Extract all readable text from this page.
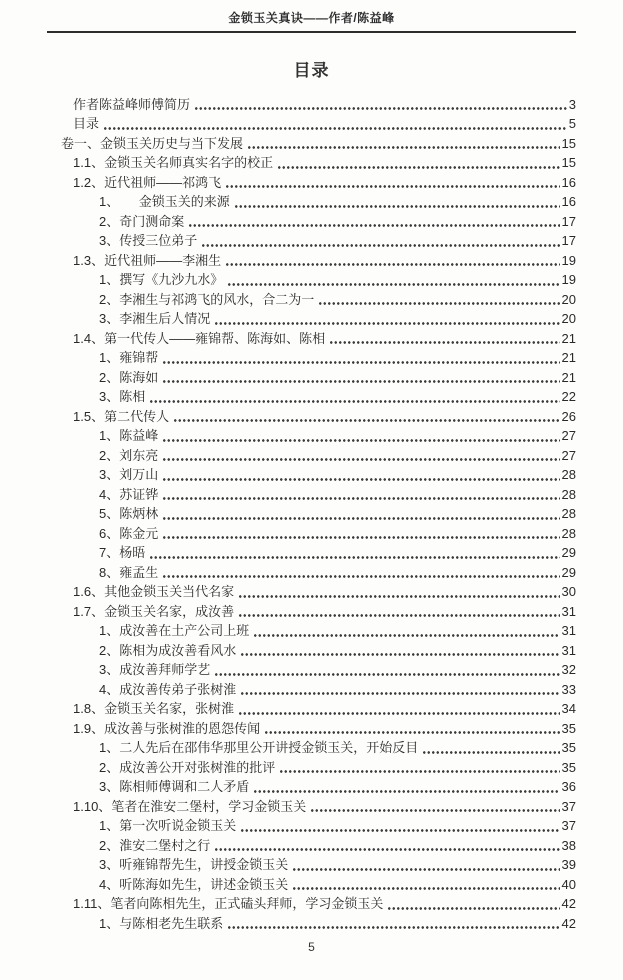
金锁玉关真诀——作者/陈益峰
目录
作者陈益峰师傅简历	3
目录	5
卷一、金锁玉关历史与当下发展	15
1.1、金锁玉关名师真实名字的校正	15
1.2、近代祖师——祁鸿飞	16
1、　　金锁玉关的来源	16
2、奇门测命案	17
3、传授三位弟子	17
1.3、近代祖师——李湘生	19
1、撰写《九沙九水》	19
2、李湘生与祁鸿飞的风水，合二为一	20
3、李湘生后人情况	20
1.4、第一代传人——雍锦帮、陈海如、陈相	21
1、雍锦帮	21
2、陈海如	21
3、陈相	22
1.5、第二代传人	26
1、陈益峰	27
2、刘东亮	27
3、刘万山	28
4、苏证铧	28
5、陈炳林	28
6、陈金元	28
7、杨晤	29
8、雍孟生	29
1.6、其他金锁玉关当代名家	30
1.7、金锁玉关名家，成汝善	31
1、成汝善在土产公司上班	31
2、陈相为成汝善看风水	31
3、成汝善拜师学艺	32
4、成汝善传弟子张树淮	33
1.8、金锁玉关名家，张树淮	34
1.9、成汝善与张树淮的恩怨传闻	35
1、二人先后在邵伟华那里公开讲授金锁玉关，开始反目	35
2、成汝善公开对张树淮的批评	35
3、陈相师傅调和二人矛盾	36
1.10、笔者在淮安二堡村，学习金锁玉关	37
1、第一次听说金锁玉关	37
2、淮安二堡村之行	38
3、听雍锦帮先生，讲授金锁玉关	39
4、听陈海如先生，讲述金锁玉关	40
1.11、笔者向陈相先生，正式磕头拜师，学习金锁玉关	42
1、与陈相老先生联系	42
5
